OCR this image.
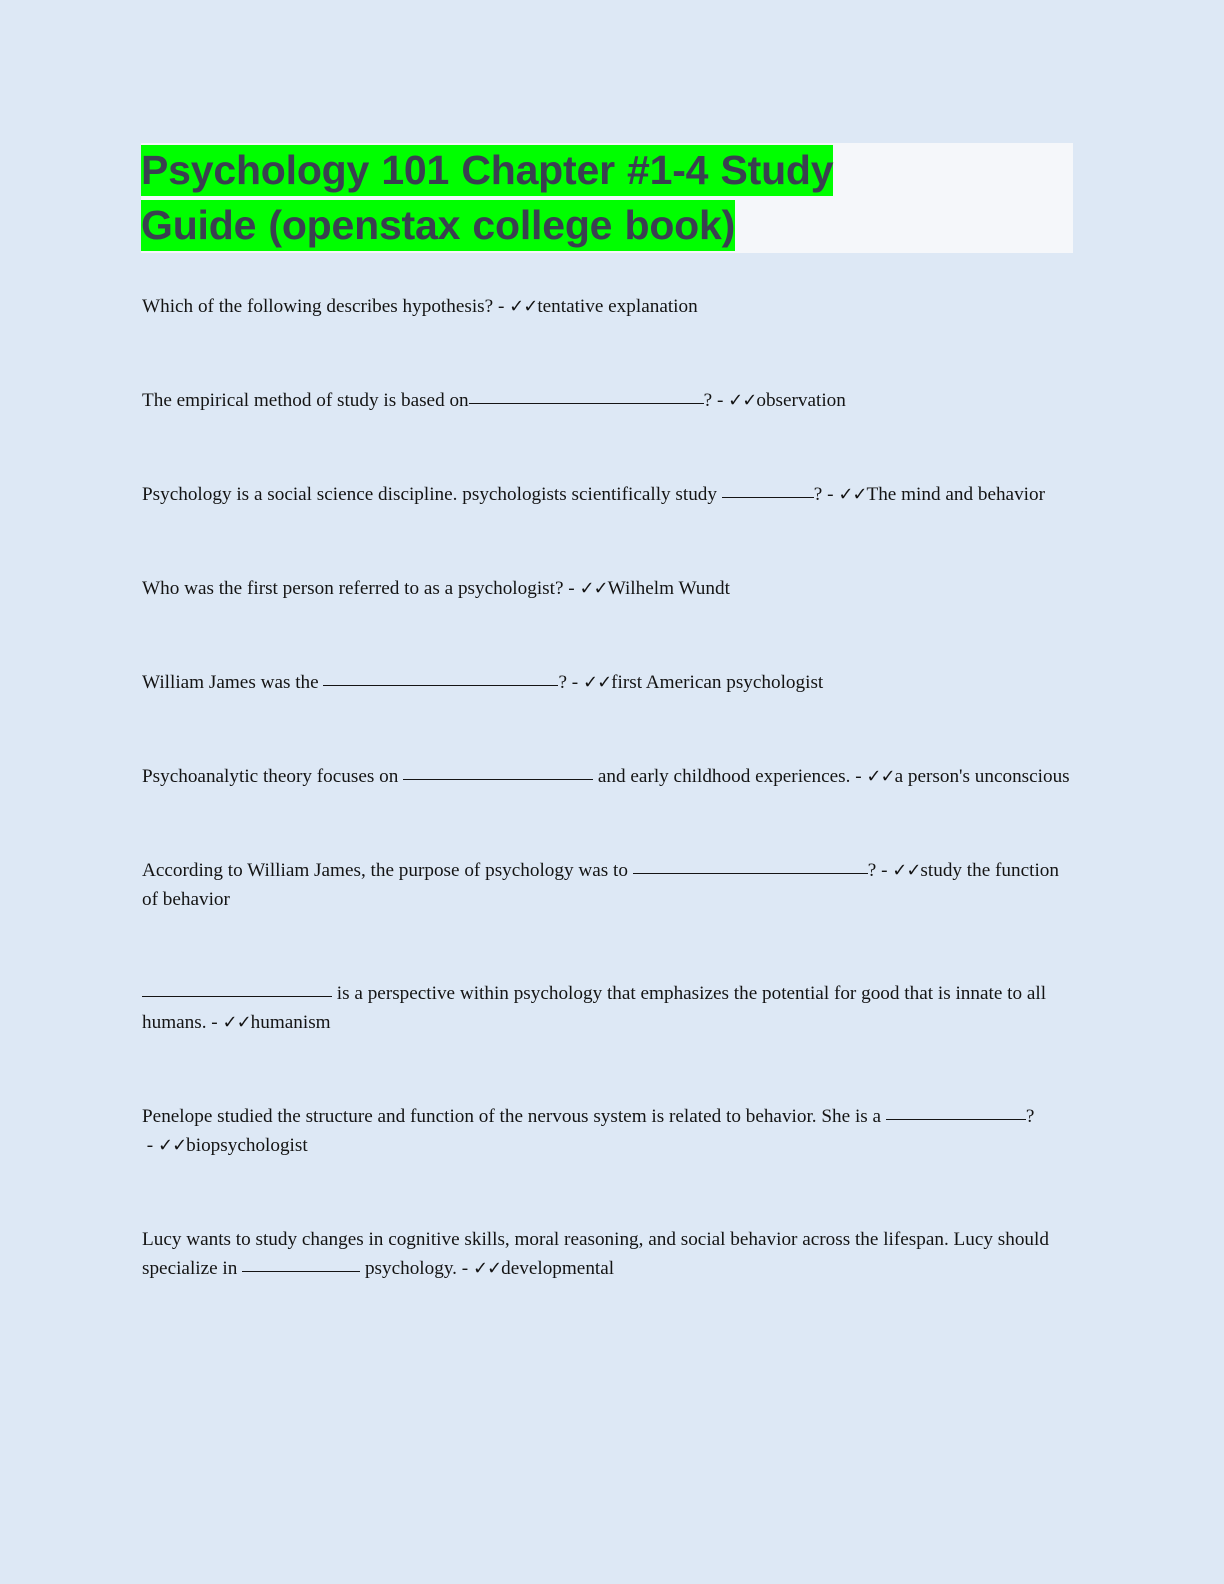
Psychology 101 Chapter #1-4 Study
Guide (openstax college book)

Which of the following describes hypothesis? - ✓✓tentative explanation

The empirical method of study is based on	? - ✓✓observation

Psychology is a social science discipline. psychologists scientifically study	? - ✓✓The mind and behavior

Who was the first person referred to as a psychologist? - ✓✓Wilhelm Wundt

William James was the	? - ✓✓first American psychologist

Psychoanalytic theory focuses on	and early childhood experiences. - ✓✓a person's unconscious

According to William James, the purpose of psychology was to	? - ✓✓study the function of behavior

is a perspective within psychology that emphasizes the potential for good that is innate to all humans. - ✓✓humanism

Penelope studied the structure and function of the nervous system is related to behavior. She is a	? - ✓✓biopsychologist

Lucy wants to study changes in cognitive skills, moral reasoning, and social behavior across the lifespan. Lucy should specialize in	psychology. - ✓✓developmental
